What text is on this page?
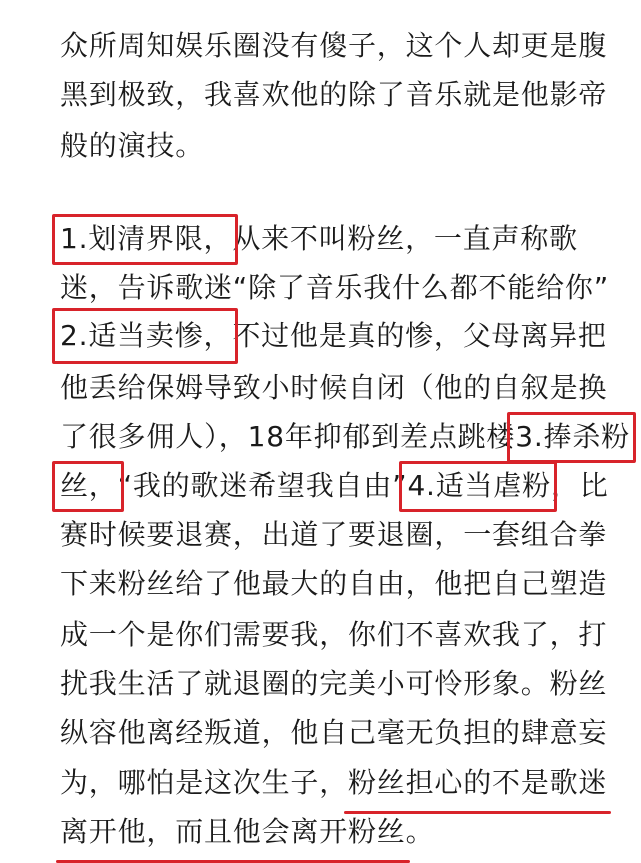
众所周知娱乐圈没有傻子，这个人却更是腹
黑到极致，我喜欢他的除了音乐就是他影帝
般的演技。
1.划清界限，从来不叫粉丝，一直声称歌
迷，告诉歌迷“除了音乐我什么都不能给你”
2.适当卖惨，不过他是真的惨，父母离异把
他丢给保姆导致小时候自闭（他的自叙是换
了很多佣人），18年抑郁到差点跳楼3.捧杀粉
丝，“我的歌迷希望我自由”4.适当虐粉，比
赛时候要退赛，出道了要退圈，一套组合拳
下来粉丝给了他最大的自由，他把自己塑造
成一个是你们需要我，你们不喜欢我了，打
扰我生活了就退圈的完美小可怜形象。粉丝
纵容他离经叛道，他自己毫无负担的肆意妄
为，哪怕是这次生子，粉丝担心的不是歌迷
离开他，而且他会离开粉丝。
